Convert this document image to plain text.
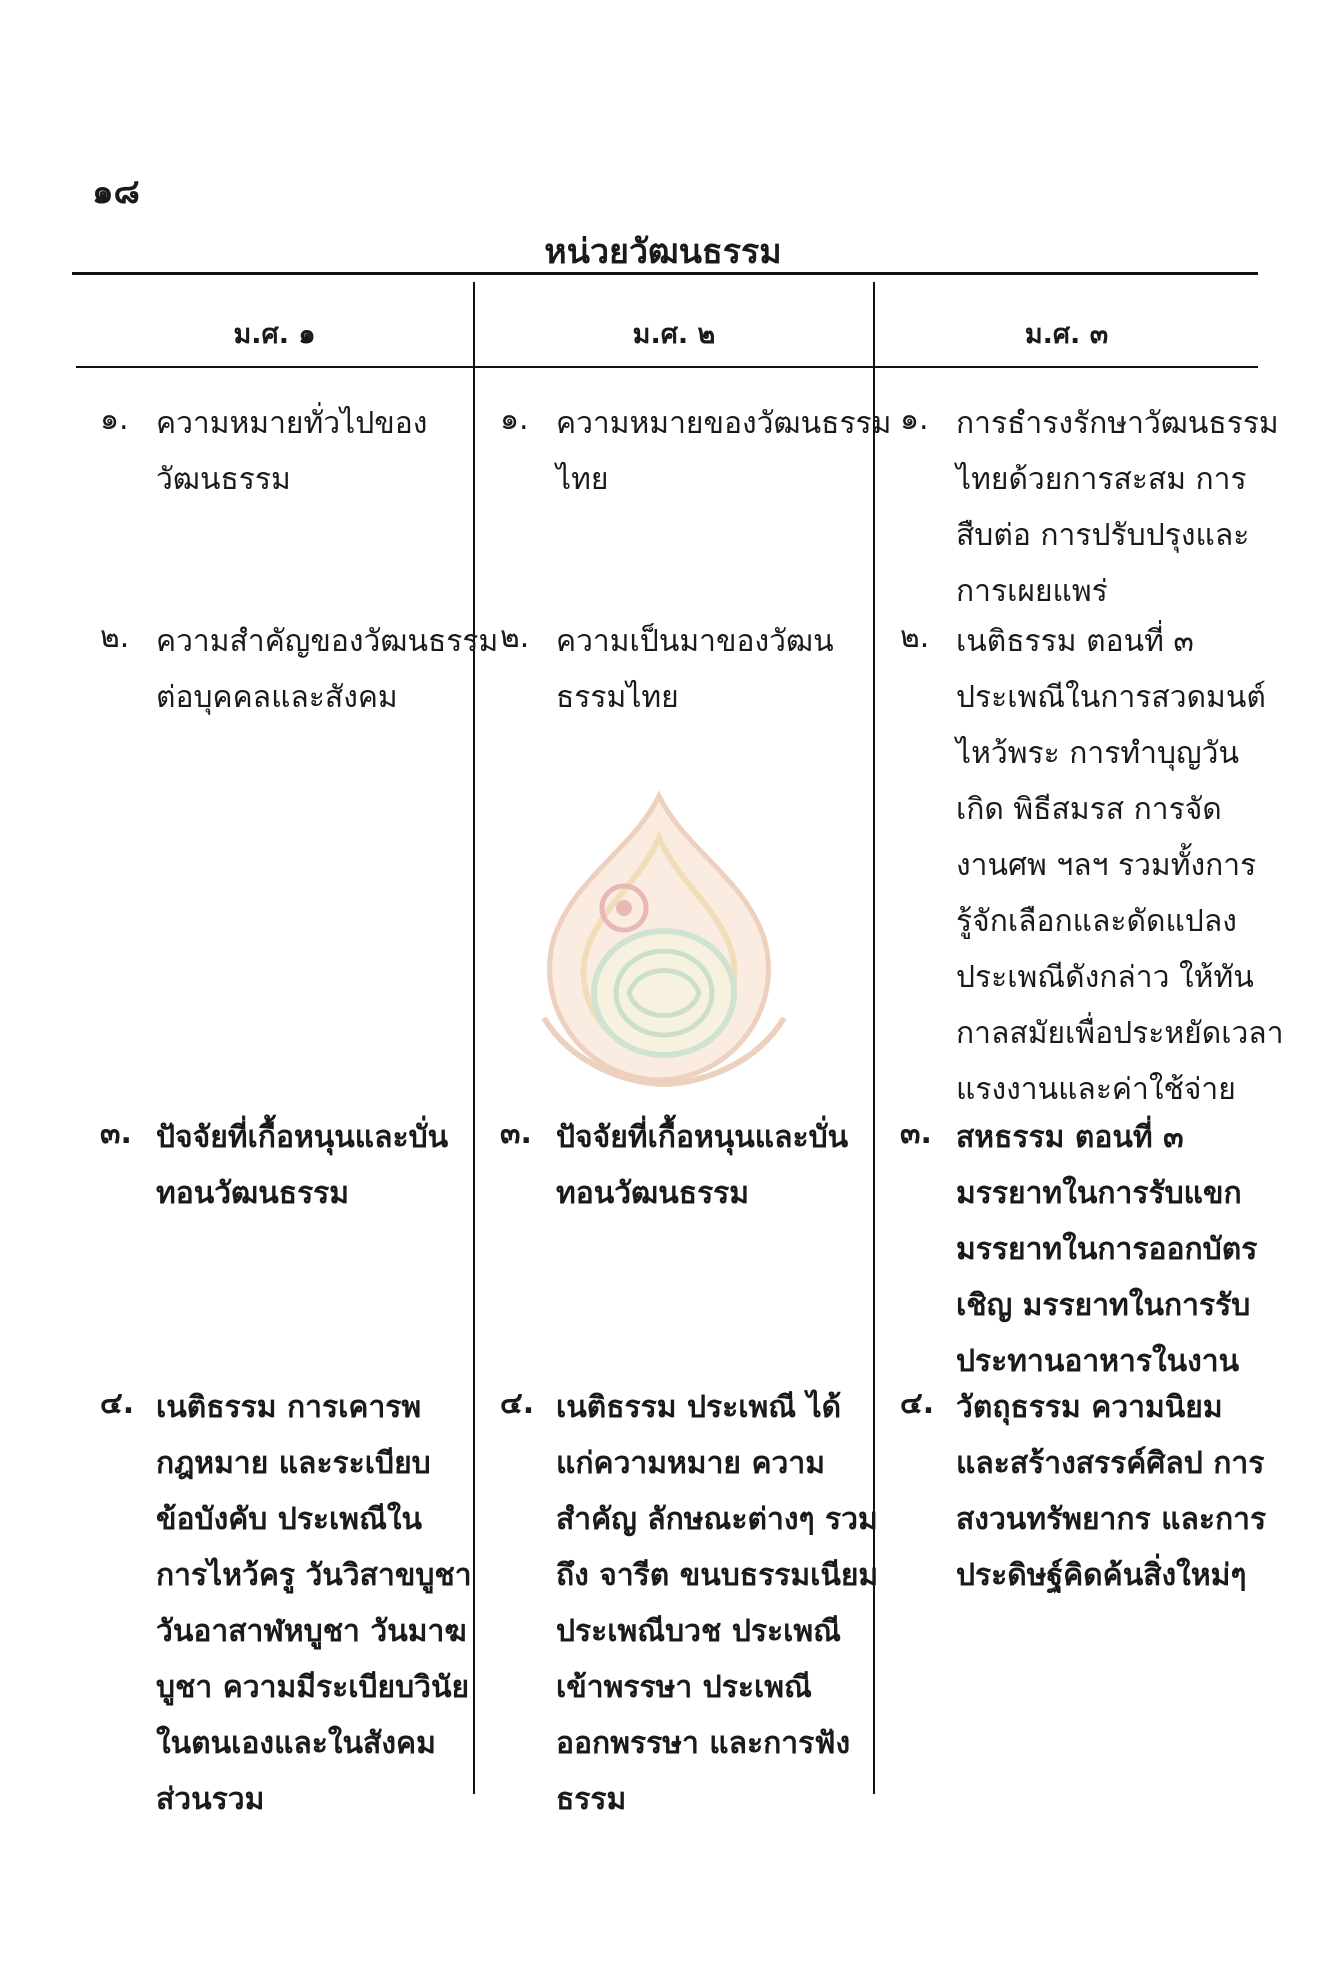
๑๘
หน่วยวัฒนธรรม
ม.ศ. ๑	ม.ศ. ๒	ม.ศ. ๓
๑. ความหมายทั่วไปของ
วัฒนธรรม
๒. ความสำคัญของวัฒนธรรม
ต่อบุคคลและสังคม
๓. ปัจจัยที่เกื้อหนุนและบั่น
ทอนวัฒนธรรม
๔. เนติธรรม การเคารพ
กฎหมาย และระเบียบ
ข้อบังคับ ประเพณีใน
การไหว้ครู วันวิสาขบูชา
วันอาสาฬหบูชา วันมาฆ
บูชา ความมีระเบียบวินัย
ในตนเองและในสังคม
ส่วนรวม
๑. ความหมายของวัฒนธรรม
ไทย
๒. ความเป็นมาของวัฒน
ธรรมไทย
๓. ปัจจัยที่เกื้อหนุนและบั่น
ทอนวัฒนธรรม
๔. เนติธรรม ประเพณี ได้
แก่ความหมาย ความ
สำคัญ ลักษณะต่างๆ รวม
ถึง จารีต ขนบธรรมเนียม
ประเพณีบวช ประเพณี
เข้าพรรษา ประเพณี
ออกพรรษา และการฟัง
ธรรม
๑. การธำรงรักษาวัฒนธรรม
ไทยด้วยการสะสม การ
สืบต่อ การปรับปรุงและ
การเผยแพร่
๒. เนติธรรม ตอนที่ ๓
ประเพณีในการสวดมนต์
ไหว้พระ การทำบุญวัน
เกิด พิธีสมรส การจัด
งานศพ ฯลฯ รวมทั้งการ
รู้จักเลือกและดัดแปลง
ประเพณีดังกล่าว ให้ทัน
กาลสมัยเพื่อประหยัดเวลา
แรงงานและค่าใช้จ่าย
๓. สหธรรม ตอนที่ ๓
มรรยาทในการรับแขก
มรรยาทในการออกบัตร
เชิญ มรรยาทในการรับ
ประทานอาหารในงาน
๔. วัตถุธรรม ความนิยม
และสร้างสรรค์ศิลป การ
สงวนทรัพยากร และการ
ประดิษฐ์คิดค้นสิ่งใหม่ๆ
